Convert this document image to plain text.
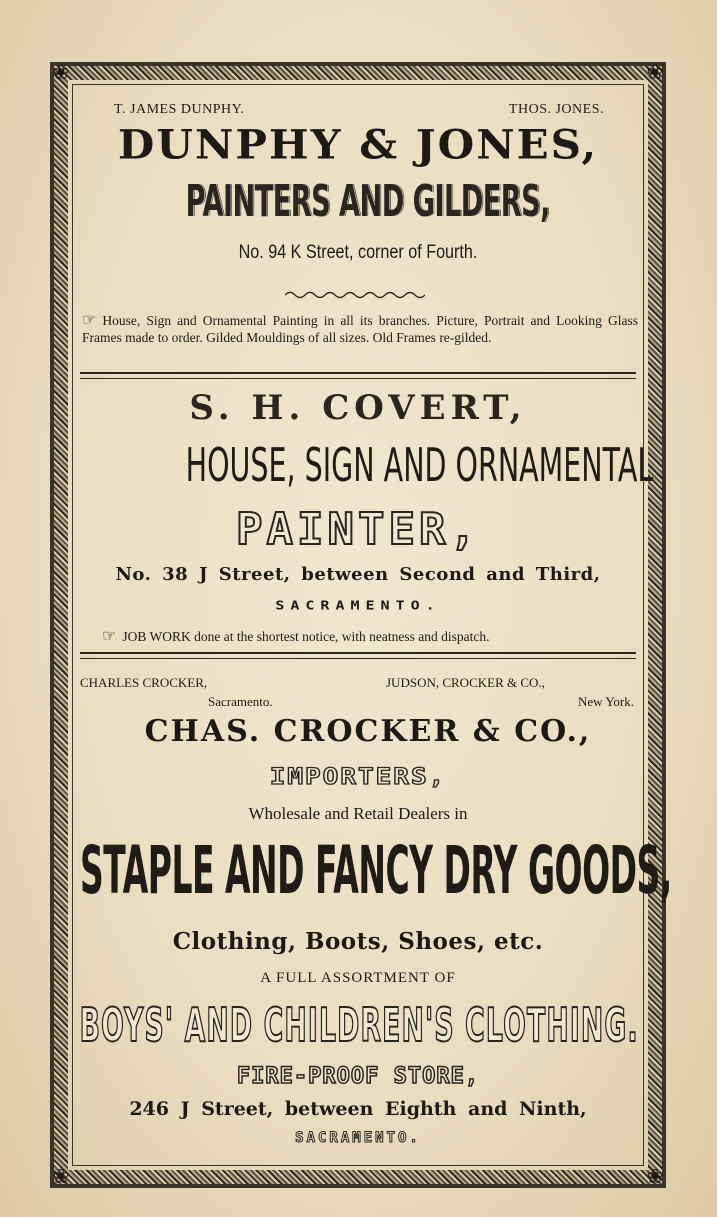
❀	❀
❀	❀
T. JAMES DUNPHY.	THOS. JONES.
DUNPHY & JONES,
PAINTERS AND GILDERS,
No. 94 K Street, corner of Fourth.
☞ House, Sign and Ornamental Painting in all its branches. Picture, Portrait and Looking Glass Frames made to order. Gilded Mouldings of all sizes. Old Frames re-gilded.
S. H. COVERT,
HOUSE, SIGN AND ORNAMENTAL
PAINTER,
No. 38 J Street, between Second and Third,
SACRAMENTO.
☞ JOB WORK done at the shortest notice, with neatness and dispatch.
CHARLES CROCKER,
Sacramento.
JUDSON, CROCKER & CO.,
New York.
CHAS. CROCKER & CO.,
IMPORTERS,
Wholesale and Retail Dealers in
STAPLE AND FANCY DRY GOODS,
Clothing, Boots, Shoes, etc.
A FULL ASSORTMENT OF
BOYS' AND CHILDREN'S CLOTHING.
FIRE-PROOF STORE,
246 J Street, between Eighth and Ninth,
SACRAMENTO.
